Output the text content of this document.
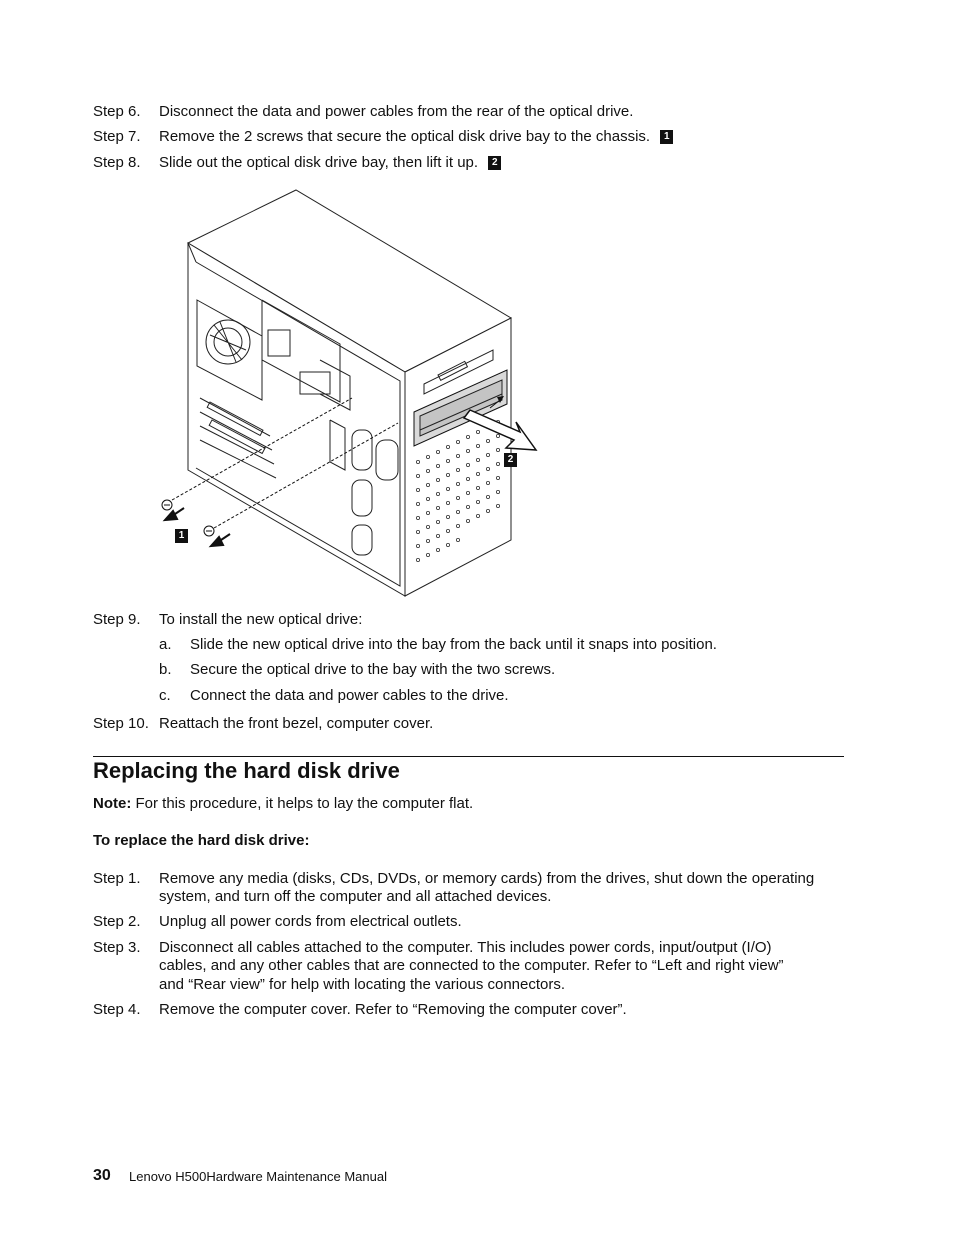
Step 6. Disconnect the data and power cables from the rear of the optical drive.
Step 7. Remove the 2 screws that secure the optical disk drive bay to the chassis. 1
Step 8. Slide out the optical disk drive bay, then lift it up. 2
2
1
Step 9. To install the new optical drive:
a. Slide the new optical drive into the bay from the back until it snaps into position.
b. Secure the optical drive to the bay with the two screws.
c. Connect the data and power cables to the drive.
Step 10. Reattach the front bezel, computer cover.
Replacing the hard disk drive
Note: For this procedure, it helps to lay the computer flat.
To replace the hard disk drive:
Step 1. Remove any media (disks, CDs, DVDs, or memory cards) from the drives, shut down the operating
system, and turn off the computer and all attached devices.
Step 2. Unplug all power cords from electrical outlets.
Step 3. Disconnect all cables attached to the computer. This includes power cords, input/output (I/O)
cables, and any other cables that are connected to the computer. Refer to “Left and right view”
and “Rear view” for help with locating the various connectors.
Step 4. Remove the computer cover. Refer to “Removing the computer cover”.
30 Lenovo H500Hardware Maintenance Manual
